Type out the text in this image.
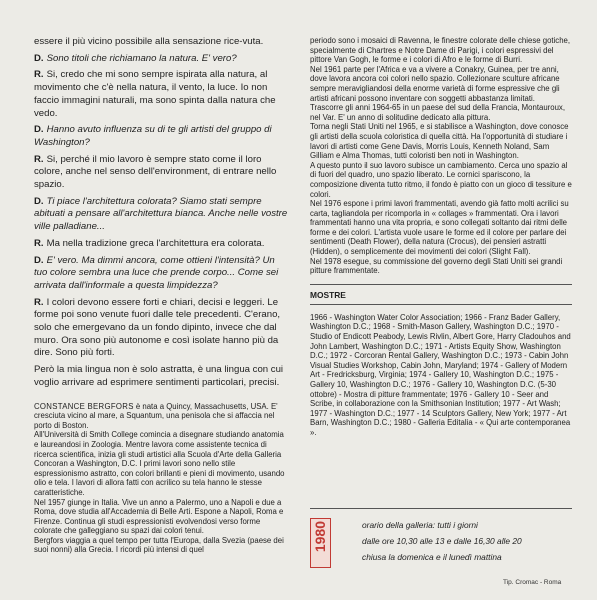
essere il più vicino possibile alla sensazione rice-vuta.

D. Sono titoli che richiamano la natura. E' vero?

R. Si, credo che mi sono sempre ispirata alla natura, al movimento che c'è nella natura, il vento, la luce. Io non faccio immagini naturali, ma sono spinta dalla natura che vedo.

D. Hanno avuto influenza su di te gli artisti del gruppo di Washington?

R. Si, perché il mio lavoro è sempre stato come il loro colore, anche nel senso dell'environment, di entrare nello spazio.

D. Ti piace l'architettura colorata? Siamo stati sempre abituati a pensare all'architettura bianca. Anche nelle vostre ville palladiane...

R. Ma nella tradizione greca l'architettura era colorata.

D. E' vero. Ma dimmi ancora, come ottieni l'intensità? Un tuo colore sembra una luce che prende corpo... Come sei arrivata dall'informale a questa limpidezza?

R. I colori devono essere forti e chiari, decisi e leggeri. Le forme poi sono venute fuori dalle tele precedenti. C'erano, solo che emergevano da un fondo dipinto, invece che dal muro. Ora sono più autonome e così isolate hanno più da dire. Sono più forti.

Però la mia lingua non è solo astratta, è una lingua con cui voglio arrivare ad esprimere sentimenti particolari, precisi.

CONSTANCE BERGFORS è nata a Quincy, Massachusetts, USA. E' cresciuta vicino al mare, a Squantum, una penisola che si affaccia nel porto di Boston.

All'Università di Smith College comincia a disegnare studiando anatomia e laureandosi in Zoologia. Mentre lavora come assistente tecnica di ricerca scientifica, inizia gli studi artistici alla Scuola d'Arte della Galleria Concoran a Washington, D.C. I primi lavori sono nello stile espressionismo astratto, con colori brillanti e pieni di movimento, usando olio e tela. I lavori di allora fatti con acrilico su tela hanno le stesse caratteristiche.

Nel 1957 giunge in Italia. Vive un anno a Palermo, uno a Napoli e due a Roma, dove studia all'Accademia di Belle Arti. Espone a Napoli, Roma e Firenze. Continua gli studi espressionisti evolvendosi verso forme colorate che galleggiano su spazi dai colori tenui.

Bergfors viaggia a quel tempo per tutta l'Europa, dalla Svezia (paese dei suoi nonni) alla Grecia. I ricordi più intensi di quel

periodo sono i mosaici di Ravenna, le finestre colorate delle chiese gotiche, specialmente di Chartres e Notre Dame di Parigi, i colori espressivi del pittore Van Gogh, le forme e i colori di Afro e le forme di Burri.

Nel 1961 parte per l'Africa e va a vivere a Conakry, Guinea, per tre anni, dove lavora ancora coi colori nello spazio. Collezionare sculture africane sempre meravigliandosi della enorme varietà di forme espressive che gli artisti africani possono inventare con soggetti abbastanza limitati.

Trascorre gli anni 1964-65 in un paese del sud della Francia, Montauroux, nel Var. E' un anno di solitudine dedicato alla pittura.

Torna negli Stati Uniti nel 1965, e si stabilisce a Washington, dove conosce gli artisti della scuola coloristica di quella città. Ha l'opportunità di studiare i lavori di artisti come Gene Davis, Morris Louis, Kenneth Noland, Sam Gilliam e Alma Thomas, tutti coloristi ben noti in Washington.

A questo punto il suo lavoro subisce un cambiamento. Cerca uno spazio al di fuori del quadro, uno spazio liberato. Le cornici spariscono, la composizione diventa tutto ritmo, il fondo è piatto con un gioco di tessiture e colori.

Nel 1976 espone i primi lavori frammentati, avendo già fatto molti acrilici su carta, tagliandola per ricomporla in « collages » frammentati. Ora i lavori frammentati hanno una vita propria, e sono collegati soltanto dai ritmi delle forme e dei colori. L'artista vuole usare le forme ed il colore per parlare dei sentimenti (Death Flower), della natura (Crocus), dei pensieri astratti (Hidden), o semplicemente dei movimenti dei colori (Slight Fall).

Nel 1978 esegue, su commissione del governo degli Stati Uniti sei grandi pitture frammentate.

MOSTRE

1966 - Washington Water Color Association; 1966 - Franz Bader Gallery, Washington D.C.; 1968 - Smith-Mason Gallery, Washington D.C.; 1970 - Studio of Endicott Peabody, Lewis Rivlin, Albert Gore, Harry Cladouhos and John Lambert, Washington D.C.; 1971 - Artists Equity Show, Washington D.C.; 1972 - Corcoran Rental Gallery, Washington D.C.; 1973 - Cabin John Visual Studies Workshop, Cabin John, Maryland; 1974 - Gallery of Modern Art - Fredricksburg, Virginia; 1974 - Gallery 10, Washington D.C.; 1975 - Gallery 10, Washington D.C.; 1976 - Gallery 10, Washington D.C. (5-30 ottobre) - Mostra di pitture frammentate; 1976 - Gallery 10 - Seer and Scribe, in collaborazione con la Smithsonian Institution; 1977 - Art Wash; 1977 - Washington D.C.; 1977 - 14 Sculptors Gallery, New York; 1977 - Art Barn, Washington D.C.; 1980 - Galleria Editalia - « Qui arte contemporanea ».

1980	orario della galleria: tutti i giorni
dalle ore 10,30 alle 13 e dalle 16,30 alle 20
chiusa la domenica e il lunedì mattina
Tip. Cromac - Roma
